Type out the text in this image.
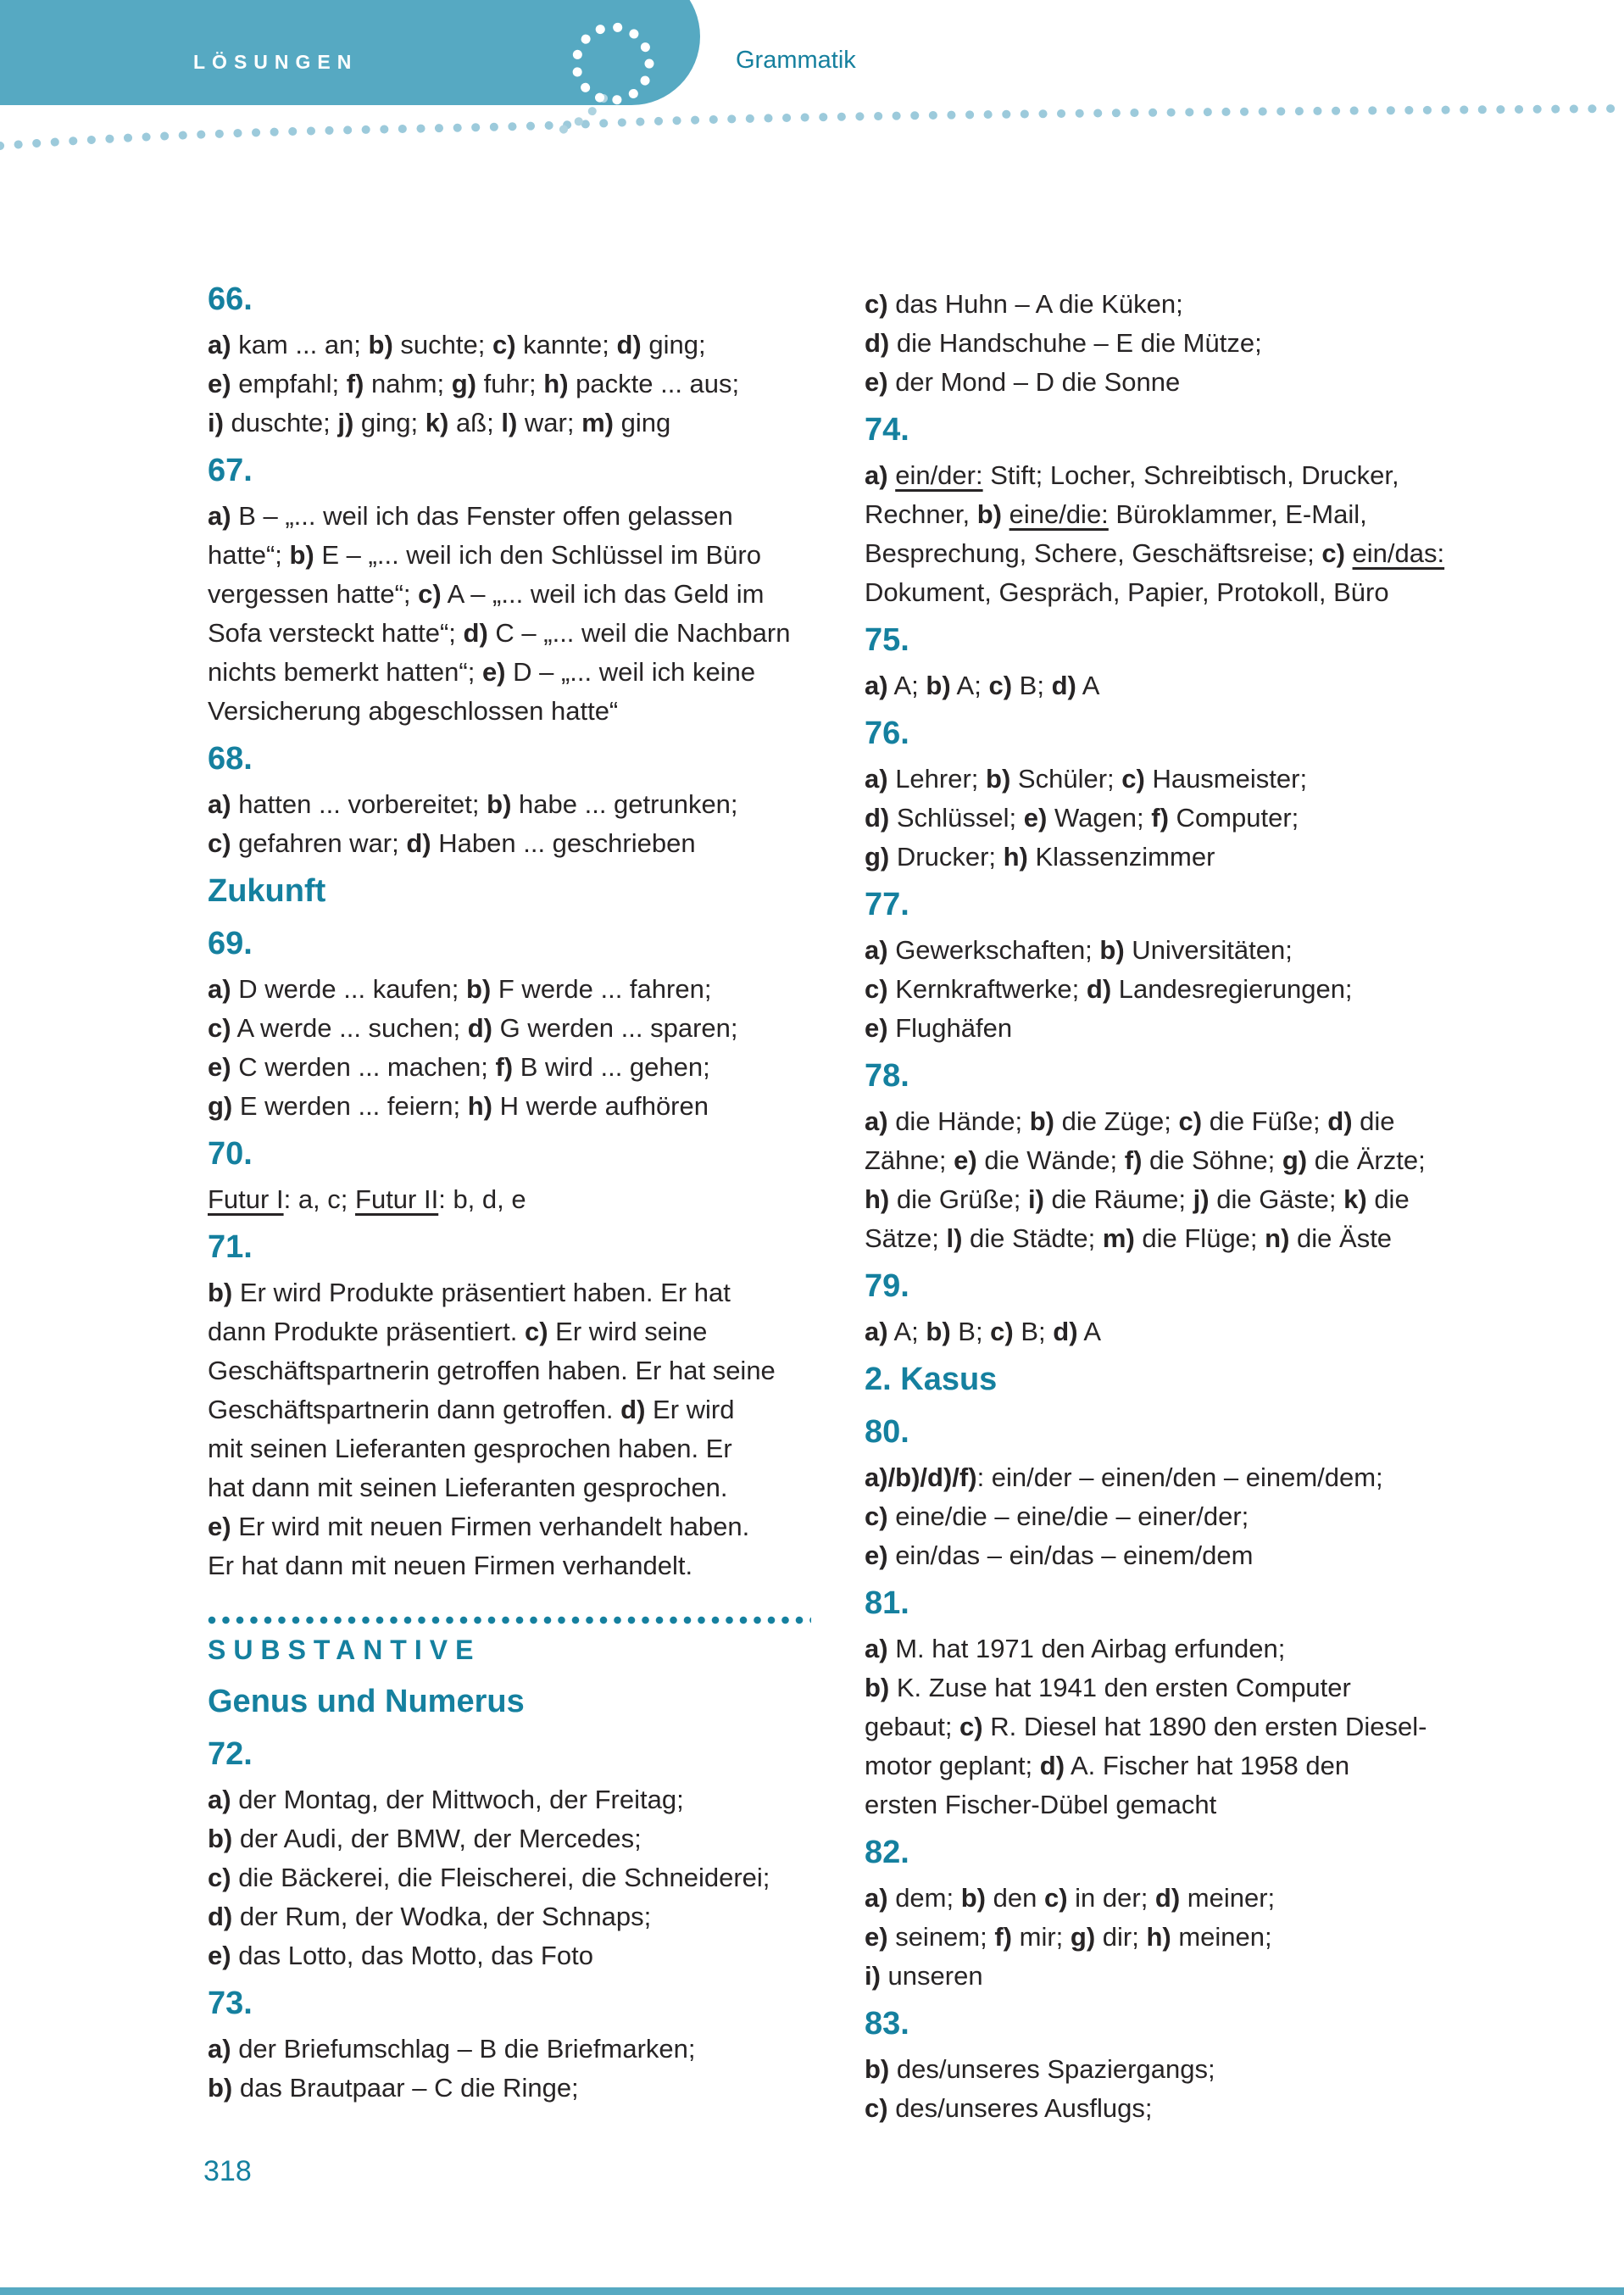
LÖSUNGEN	Grammatik
66.
a) kam ... an; b) suchte; c) kannte; d) ging;
e) empfahl; f) nahm; g) fuhr; h) packte ... aus;
i) duschte; j) ging; k) aß; l) war; m) ging
67.
a) B – „... weil ich das Fenster offen gelassen
hatte“; b) E – „... weil ich den Schlüssel im Büro
vergessen hatte“; c) A – „... weil ich das Geld im
Sofa versteckt hatte“; d) C – „... weil die Nachbarn
nichts bemerkt hatten“; e) D – „... weil ich keine
Versicherung abgeschlossen hatte“
68.
a) hatten ... vorbereitet; b) habe ... getrunken;
c) gefahren war; d) Haben ... geschrieben
Zukunft
69.
a) D werde ... kaufen; b) F werde ... fahren;
c) A werde ... suchen; d) G werden ... sparen;
e) C werden ... machen; f) B wird ... gehen;
g) E werden ... feiern; h) H werde aufhören
70.
Futur I: a, c; Futur II: b, d, e
71.
b) Er wird Produkte präsentiert haben. Er hat
dann Produkte präsentiert. c) Er wird seine
Geschäftspartnerin getroffen haben. Er hat seine
Geschäftspartnerin dann getroffen. d) Er wird
mit seinen Lieferanten gesprochen haben. Er
hat dann mit seinen Lieferanten gesprochen.
e) Er wird mit neuen Firmen verhandelt haben.
Er hat dann mit neuen Firmen verhandelt.
SUBSTANTIVE
Genus und Numerus
72.
a) der Montag, der Mittwoch, der Freitag;
b) der Audi, der BMW, der Mercedes;
c) die Bäckerei, die Fleischerei, die Schneiderei;
d) der Rum, der Wodka, der Schnaps;
e) das Lotto, das Motto, das Foto
73.
a) der Briefumschlag – B die Briefmarken;
b) das Brautpaar – C die Ringe;
c) das Huhn – A die Küken;
d) die Handschuhe – E die Mütze;
e) der Mond – D die Sonne
74.
a) ein/der: Stift; Locher, Schreibtisch, Drucker,
Rechner, b) eine/die: Büroklammer, E-Mail,
Besprechung, Schere, Geschäftsreise; c) ein/das:
Dokument, Gespräch, Papier, Protokoll, Büro
75.
a) A; b) A; c) B; d) A
76.
a) Lehrer; b) Schüler; c) Hausmeister;
d) Schlüssel; e) Wagen; f) Computer;
g) Drucker; h) Klassenzimmer
77.
a) Gewerkschaften; b) Universitäten;
c) Kernkraftwerke; d) Landesregierungen;
e) Flughäfen
78.
a) die Hände; b) die Züge; c) die Füße; d) die
Zähne; e) die Wände; f) die Söhne; g) die Ärzte;
h) die Grüße; i) die Räume; j) die Gäste; k) die
Sätze; l) die Städte; m) die Flüge; n) die Äste
79.
a) A; b) B; c) B; d) A
2. Kasus
80.
a)/b)/d)/f): ein/der – einen/den – einem/dem;
c) eine/die – eine/die – einer/der;
e) ein/das – ein/das – einem/dem
81.
a) M. hat 1971 den Airbag erfunden;
b) K. Zuse hat 1941 den ersten Computer
gebaut; c) R. Diesel hat 1890 den ersten Diesel-
motor geplant; d) A. Fischer hat 1958 den
ersten Fischer-Dübel gemacht
82.
a) dem; b) den c) in der; d) meiner;
e) seinem; f) mir; g) dir; h) meinen;
i) unseren
83.
b) des/unseres Spaziergangs;
c) des/unseres Ausflugs;
318
